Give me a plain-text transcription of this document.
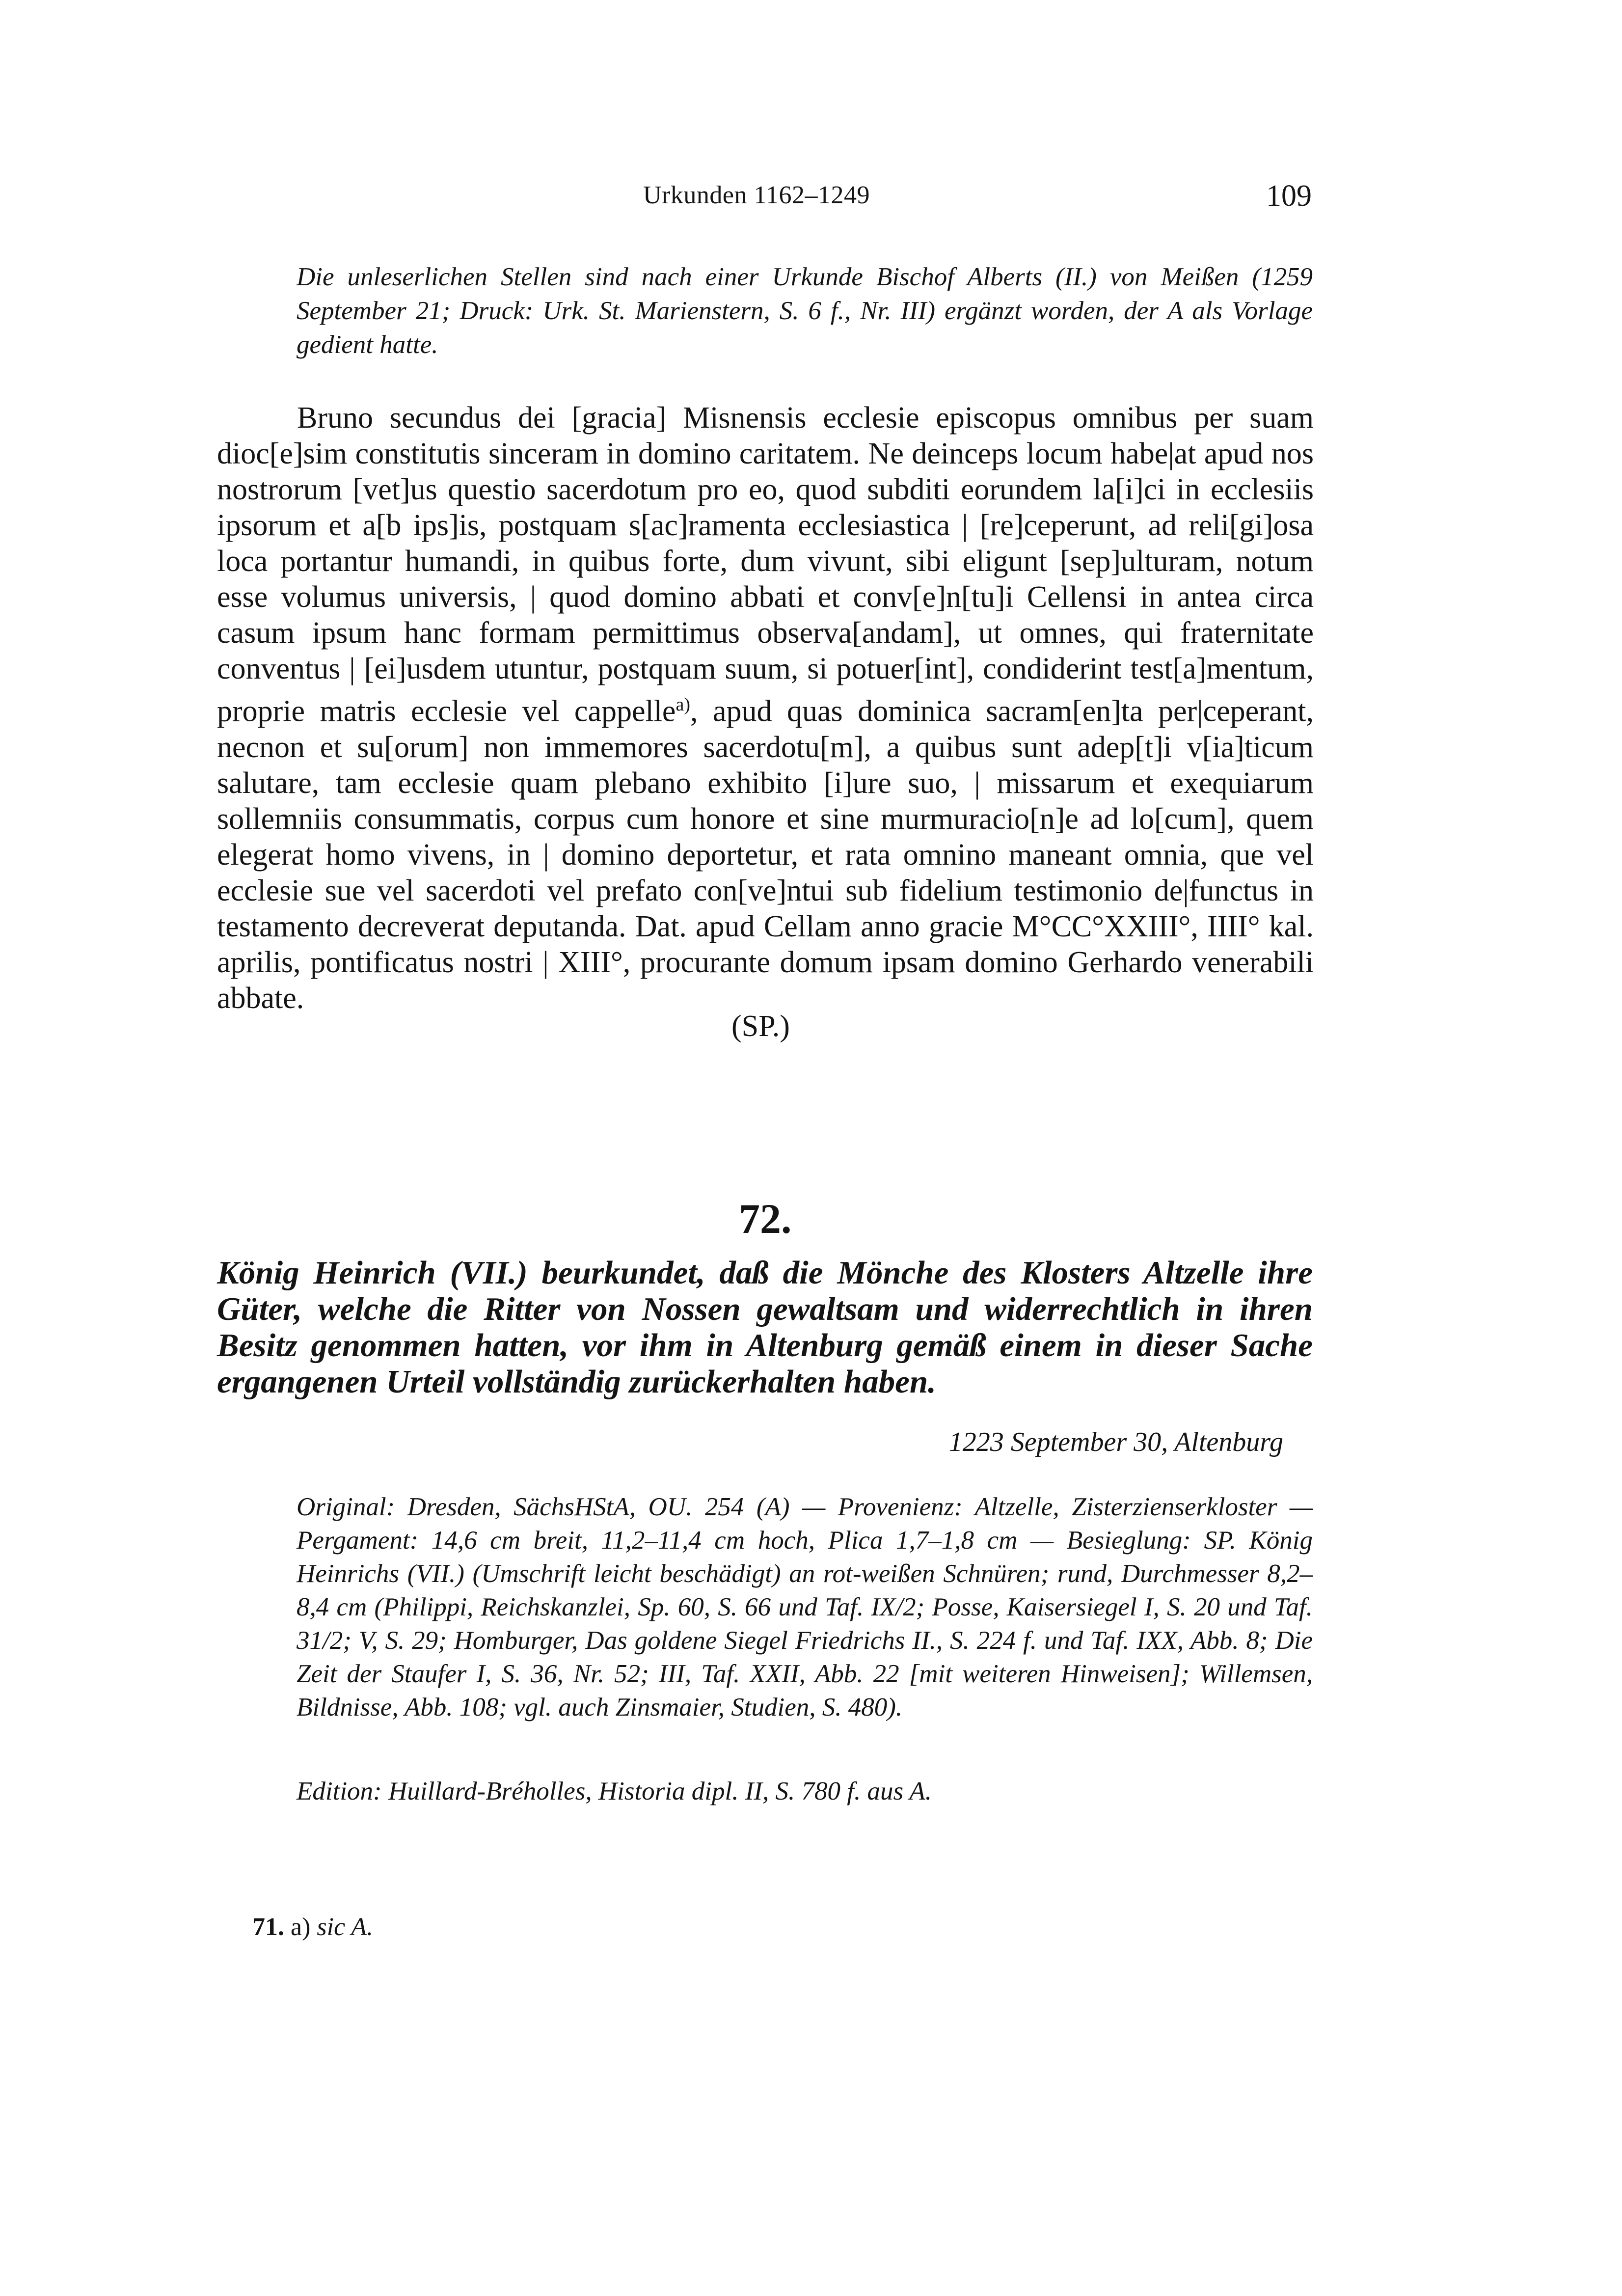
Urkunden 1162–1249	109

Die unleserlichen Stellen sind nach einer Urkunde Bischof Alberts (II.) von Meißen (1259 September 21; Druck: Urk. St. Marienstern, S. 6 f., Nr. III) ergänzt worden, der A als Vorlage gedient hatte.

Bruno secundus dei [gracia] Misnensis ecclesie episcopus omnibus per suam dioc[e]sim constitutis sinceram in domino caritatem. Ne deinceps locum habe|at apud nos nostrorum [vet]us questio sacerdotum pro eo, quod subditi eorundem la[i]ci in ecclesiis ipsorum et a[b ips]is, postquam s[ac]ramenta ecclesiastica | [re]ceperunt, ad reli[gi]osa loca portantur humandi, in quibus forte, dum vivunt, sibi eligunt [sep]ulturam, notum esse volumus universis, | quod domino abbati et conv[e]n[tu]i Cellensi in antea circa casum ipsum hanc formam permittimus observa[andam], ut omnes, qui fraternitate conventus | [ei]usdem utuntur, postquam suum, si potuer[int], condiderint test[a]mentum, proprie matris ecclesie vel cappelle$^{a)}$, apud quas dominica sacram[en]ta per|ceperant, necnon et su[orum] non immemores sacerdotu[m], a quibus sunt adep[t]i v[ia]ticum salutare, tam ecclesie quam plebano exhibito [i]ure suo, | missarum et exequiarum sollemniis consummatis, corpus cum honore et sine murmuracio[n]e ad lo[cum], quem elegerat homo vivens, in | domino deportetur, et rata omnino maneant omnia, que vel ecclesie sue vel sacerdoti vel prefato con[ve]ntui sub fidelium testimonio de|functus in testamento decreverat deputanda. Dat. apud Cellam anno gracie M°CC°XXIII°, IIII° kal. aprilis, pontificatus nostri | XIII°, procurante domum ipsam domino Gerhardo venerabili abbate.

(SP.)
72.

König Heinrich (VII.) beurkundet, daß die Mönche des Klosters Altzelle ihre Güter, welche die Ritter von Nossen gewaltsam und widerrechtlich in ihren Besitz genommen hatten, vor ihm in Altenburg gemäß einem in dieser Sache ergangenen Urteil vollständig zurückerhalten haben.

1223 September 30, Altenburg

Original: Dresden, SächsHStA, OU. 254 (A) — Provenienz: Altzelle, Zisterzienserkloster — Pergament: 14,6 cm breit, 11,2–11,4 cm hoch, Plica 1,7–1,8 cm — Besieglung: SP. König Heinrichs (VII.) (Umschrift leicht beschädigt) an rot-weißen Schnüren; rund, Durchmesser 8,2–8,4 cm (Philippi, Reichskanzlei, Sp. 60, S. 66 und Taf. IX/2; Posse, Kaisersiegel I, S. 20 und Taf. 31/2; V, S. 29; Homburger, Das goldene Siegel Friedrichs II., S. 224 f. und Taf. IXX, Abb. 8; Die Zeit der Staufer I, S. 36, Nr. 52; III, Taf. XXII, Abb. 22 [mit weiteren Hinweisen]; Willemsen, Bildnisse, Abb. 108; vgl. auch Zinsmaier, Studien, S. 480).

Edition: Huillard-Bréholles, Historia dipl. II, S. 780 f. aus A.

71. a) sic A.
